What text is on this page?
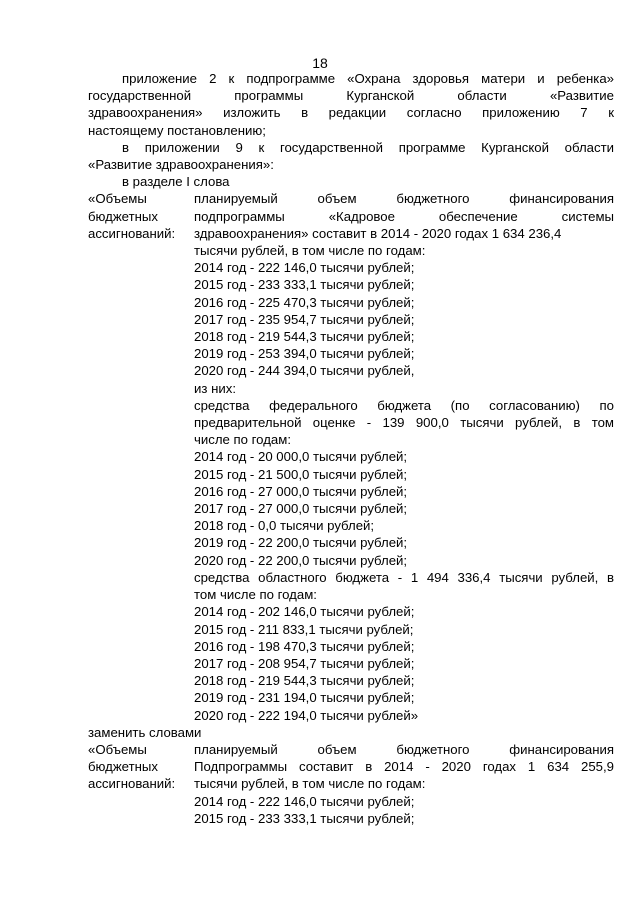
18
приложение 2 к подпрограмме «Охрана здоровья матери и ребенка»
государственной программы Курганской области «Развитие
здравоохранения» изложить в редакции согласно приложению 7 к
настоящему постановлению;
в приложении 9 к государственной программе Курганской области
«Развитие здравоохранения»:
в разделе I слова
«Объемы
бюджетных
ассигнований:
планируемый объем бюджетного финансирования
подпрограммы «Кадровое обеспечение системы
здравоохранения» составит в 2014 - 2020 годах 1 634 236,4
тысячи рублей, в том числе по годам:
2014 год - 222 146,0 тысячи рублей;
2015 год - 233 333,1 тысячи рублей;
2016 год - 225 470,3 тысячи рублей;
2017 год - 235 954,7 тысячи рублей;
2018 год - 219 544,3 тысячи рублей;
2019 год - 253 394,0 тысячи рублей;
2020 год - 244 394,0 тысячи рублей,
из них:
средства федерального бюджета (по согласованию) по
предварительной оценке - 139 900,0 тысячи рублей, в том
числе по годам:
2014 год - 20 000,0 тысячи рублей;
2015 год - 21 500,0 тысячи рублей;
2016 год - 27 000,0 тысячи рублей;
2017 год - 27 000,0 тысячи рублей;
2018 год - 0,0 тысячи рублей;
2019 год - 22 200,0 тысячи рублей;
2020 год - 22 200,0 тысячи рублей;
средства областного бюджета - 1 494 336,4 тысячи рублей, в
том числе по годам:
2014 год - 202 146,0 тысячи рублей;
2015 год - 211 833,1 тысячи рублей;
2016 год - 198 470,3 тысячи рублей;
2017 год - 208 954,7 тысячи рублей;
2018 год - 219 544,3 тысячи рублей;
2019 год - 231 194,0 тысячи рублей;
2020 год - 222 194,0 тысячи рублей»
заменить словами
«Объемы
бюджетных
ассигнований:
планируемый объем бюджетного финансирования
Подпрограммы составит в 2014 - 2020 годах 1 634 255,9
тысячи рублей, в том числе по годам:
2014 год - 222 146,0 тысячи рублей;
2015 год - 233 333,1 тысячи рублей;
